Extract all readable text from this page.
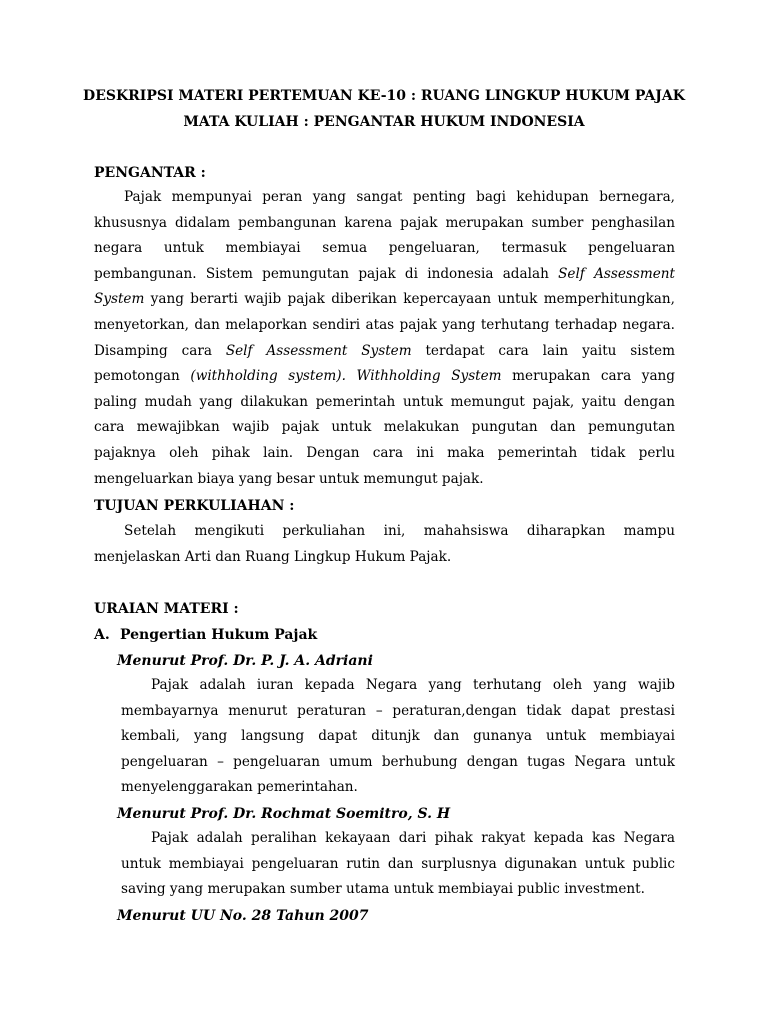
DESKRIPSI MATERI PERTEMUAN KE-10 : RUANG LINGKUP HUKUM PAJAK
MATA KULIAH : PENGANTAR HUKUM INDONESIA
PENGANTAR :
Pajak mempunyai peran yang sangat penting bagi kehidupan bernegara, khususnya didalam pembangunan karena pajak merupakan sumber penghasilan negara untuk membiayai semua pengeluaran, termasuk pengeluaran pembangunan. Sistem pemungutan pajak di indonesia adalah Self Assessment System yang berarti wajib pajak diberikan kepercayaan untuk memperhitungkan, menyetorkan, dan melaporkan sendiri atas pajak yang terhutang terhadap negara. Disamping cara Self Assessment System terdapat cara lain yaitu sistem pemotongan (withholding system). Withholding System merupakan cara yang paling mudah yang dilakukan pemerintah untuk memungut pajak, yaitu dengan cara mewajibkan wajib pajak untuk melakukan pungutan dan pemungutan pajaknya oleh pihak lain. Dengan cara ini maka pemerintah tidak perlu mengeluarkan biaya yang besar untuk memungut pajak.
TUJUAN PERKULIAHAN :
Setelah mengikuti perkuliahan ini, mahahsiswa diharapkan mampu menjelaskan Arti dan Ruang Lingkup Hukum Pajak.
URAIAN MATERI :
A. Pengertian Hukum Pajak
Menurut Prof. Dr. P. J. A. Adriani
Pajak adalah iuran kepada Negara yang terhutang oleh yang wajib membayarnya menurut peraturan – peraturan,dengan tidak dapat prestasi kembali, yang langsung dapat ditunjk dan gunanya untuk membiayai pengeluaran – pengeluaran umum berhubung dengan tugas Negara untuk menyelenggarakan pemerintahan.
Menurut Prof. Dr. Rochmat Soemitro, S. H
Pajak adalah peralihan kekayaan dari pihak rakyat kepada kas Negara untuk membiayai pengeluaran rutin dan surplusnya digunakan untuk public saving yang merupakan sumber utama untuk membiayai public investment.
Menurut UU No. 28 Tahun 2007
